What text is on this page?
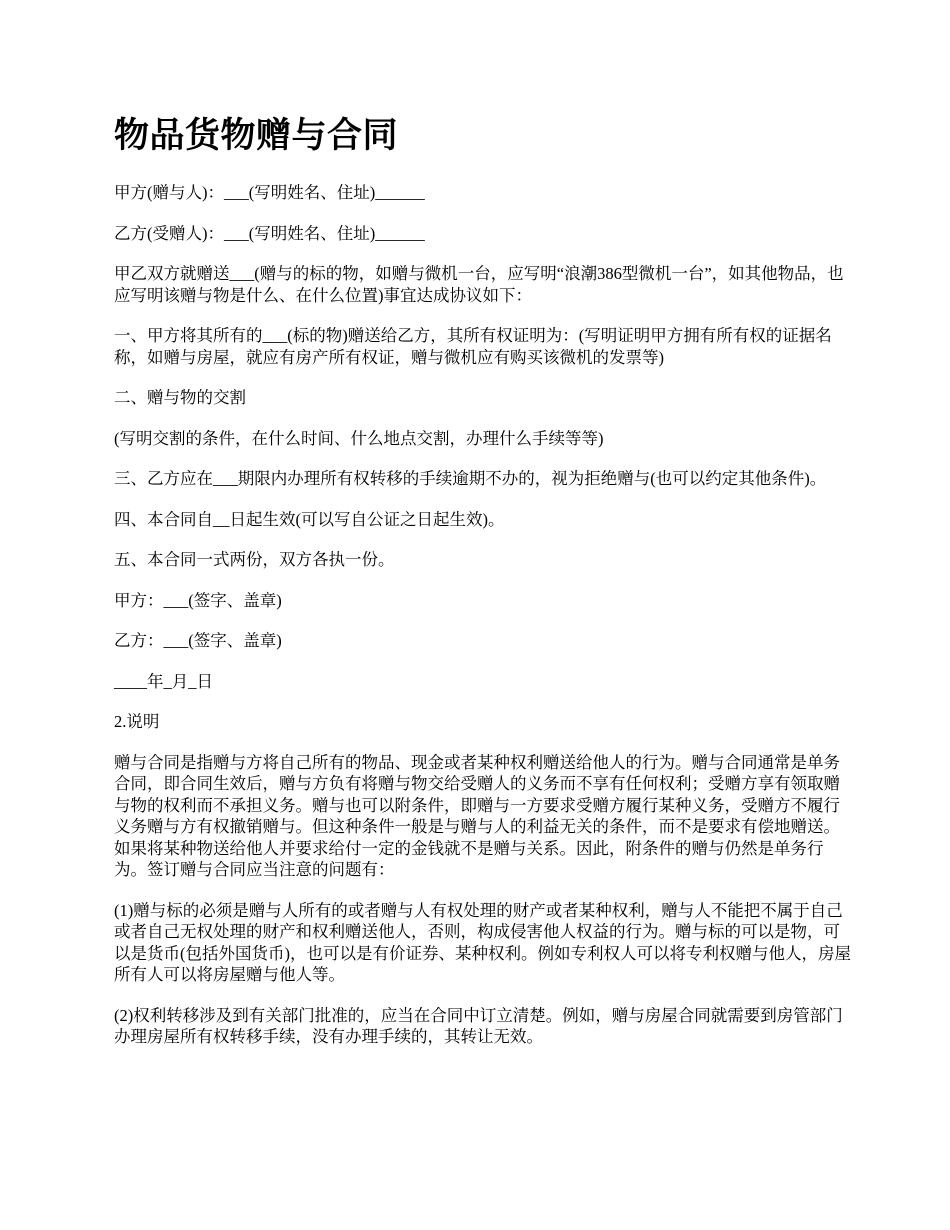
物品货物赠与合同

甲方(赠与人)：___(写明姓名、住址)______

乙方(受赠人)：___(写明姓名、住址)______

甲乙双方就赠送___(赠与的标的物，如赠与微机一台，应写明“浪潮386型微机一台”，如其他物品，也应写明该赠与物是什么、在什么位置)事宜达成协议如下：

一、甲方将其所有的___(标的物)赠送给乙方，其所有权证明为：(写明证明甲方拥有所有权的证据名称，如赠与房屋，就应有房产所有权证，赠与微机应有购买该微机的发票等)

二、赠与物的交割

(写明交割的条件，在什么时间、什么地点交割，办理什么手续等等)

三、乙方应在___期限内办理所有权转移的手续逾期不办的，视为拒绝赠与(也可以约定其他条件)。

四、本合同自__日起生效(可以写自公证之日起生效)。

五、本合同一式两份，双方各执一份。

甲方：___(签字、盖章)

乙方：___(签字、盖章)

____年_月_日

2.说明

赠与合同是指赠与方将自己所有的物品、现金或者某种权利赠送给他人的行为。赠与合同通常是单务合同，即合同生效后，赠与方负有将赠与物交给受赠人的义务而不享有任何权利；受赠方享有领取赠与物的权利而不承担义务。赠与也可以附条件，即赠与一方要求受赠方履行某种义务，受赠方不履行义务赠与方有权撤销赠与。但这种条件一般是与赠与人的利益无关的条件，而不是要求有偿地赠送。如果将某种物送给他人并要求给付一定的金钱就不是赠与关系。因此，附条件的赠与仍然是单务行为。签订赠与合同应当注意的问题有：

(1)赠与标的必须是赠与人所有的或者赠与人有权处理的财产或者某种权利，赠与人不能把不属于自己或者自己无权处理的财产和权利赠送他人，否则，构成侵害他人权益的行为。赠与标的可以是物，可以是货币(包括外国货币)，也可以是有价证券、某种权利。例如专利权人可以将专利权赠与他人，房屋所有人可以将房屋赠与他人等。

(2)权利转移涉及到有关部门批准的，应当在合同中订立清楚。例如，赠与房屋合同就需要到房管部门办理房屋所有权转移手续，没有办理手续的，其转让无效。
